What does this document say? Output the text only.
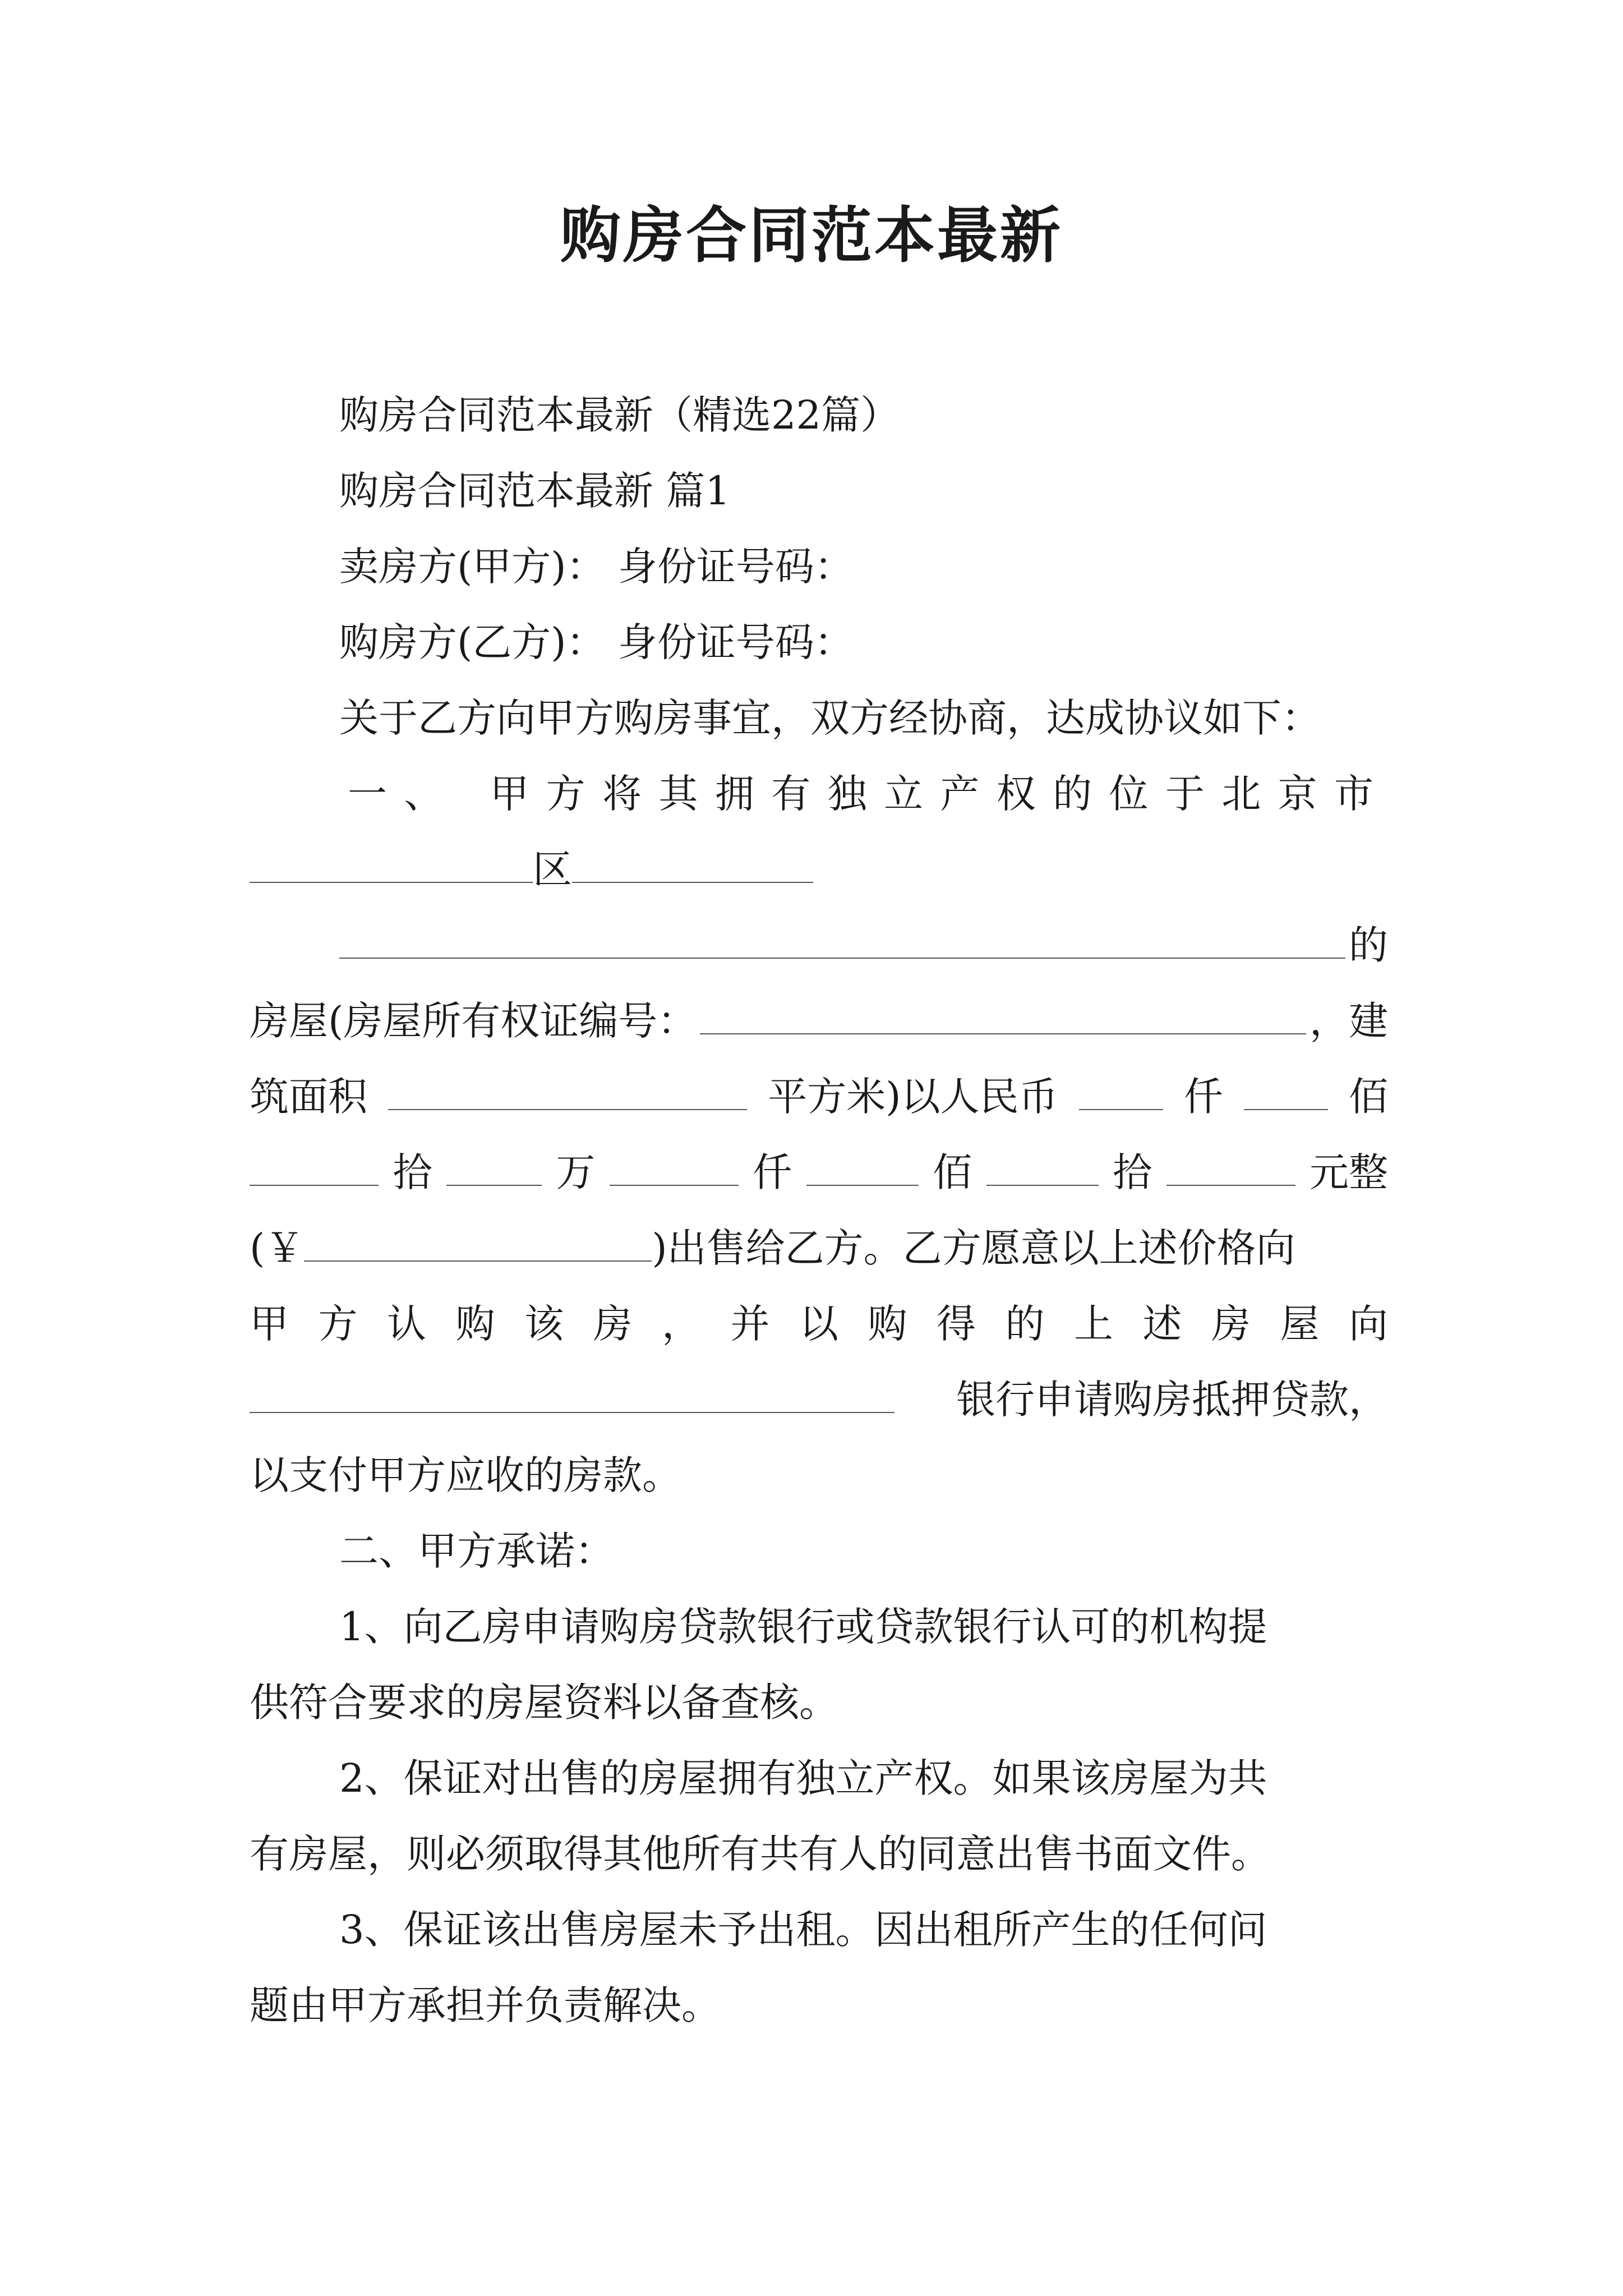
购房合同范本最新
购房合同范本最新（精选22篇）
购房合同范本最新 篇1
卖房方(甲方)： 身份证号码：
购房方(乙方)： 身份证号码：
关于乙方向甲方购房事宜，双方经协商，达成协议如下：
一、 甲方将其拥有独立产权的位于北京市
区
的
房屋(房屋所有权证编号：	，建
筑面积	平方米)以人民币	仟	佰
拾	万	仟	佰	拾	元整
(￥	)出售给乙方。乙方愿意以上述价格向
甲方认购该房，并以购得的上述房屋向
银行申请购房抵押贷款，
以支付甲方应收的房款。
二、甲方承诺：
1、向乙房申请购房贷款银行或贷款银行认可的机构提
供符合要求的房屋资料以备查核。
2、保证对出售的房屋拥有独立产权。如果该房屋为共
有房屋，则必须取得其他所有共有人的同意出售书面文件。
3、保证该出售房屋未予出租。因出租所产生的任何问
题由甲方承担并负责解决。
